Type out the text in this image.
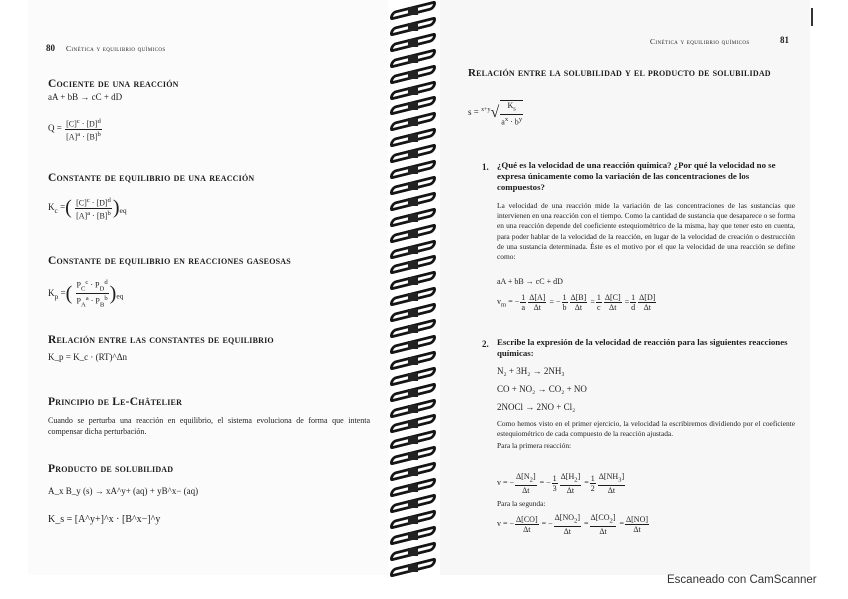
80 Cinética y equilibrio químicos
Cociente de una reacción
aA + bB → cC + dD
$Q = \frac{[C]^c \cdot [D]^d}{[A]^a \cdot [B]^b}$
Constante de equilibrio de una reacción
$K_c$ =( $\frac{[C]^c \cdot [D]^d}{[A]^a \cdot [B]^b} )_{eq}$
Constante de equilibrio en reacciones gaseosas
$K_p$ =( $\frac{P_C^c \cdot P_D^d}{P_A^a \cdot P_B^b} )_{eq}$
Relación entre las constantes de equilibrio
K_p = K_c · (RT)^Δn
Principio de Le-Châtelier
Cuando se perturba una reacción en equilibrio, el sistema evoluciona de forma que intenta compensar dicha perturbación.
Producto de solubilidad
A_x B_y (s) → xA^y+ (aq) + yB^x− (aq)
K_s = [A^y+]^x · [B^x−]^y
Cinética y equilibrio químicos	81
Relación entre la solubilidad y el producto de solubilidad
$s = ^{x+y}√ \frac{K_s}{a^x \cdot b^y}$
1. ¿Qué es la velocidad de una reacción química? ¿Por qué la velocidad no se expresa únicamente como la variación de las concentraciones de los compuestos?
La velocidad de una reacción mide la variación de las concentraciones de las sustancias que intervienen en una reacción con el tiempo. Como la cantidad de sustancia que desaparece o se forma en una reacción depende del coeficiente estequiométrico de la misma, hay que tener esto en cuenta, para poder hablar de la velocidad de la reacción, en lugar de la velocidad de creación o destrucción de una sustancia determinada. Éste es el motivo por el que la velocidad de una reacción se define como:
aA + bB → cC + dD
$v_m$ = − $\frac{1}{a} \frac{\Delta[A]}{\Delta t}$ = − $\frac{1}{b} \frac{\Delta[B]}{\Delta t} = \frac{1}{c} \frac{\Delta[C]}{\Delta t} = \frac{1}{d} \frac{\Delta[D]}{\Delta t}$
2. Escribe la expresión de la velocidad de reacción para las siguientes reacciones químicas:
N₂ + 3H₂ → 2NH₃
CO + NO₂ → CO₂ + NO
2NOCl → 2NO + Cl₂
Como hemos visto en el primer ejercicio, la velocidad la escribiremos dividiendo por el coeficiente estequiométrico de cada compuesto de la reacción ajustada.
Para la primera reacción:
v = − $\frac{\Delta[N_2]}{\Delta t}$ = − $\frac{1}{3} \frac{\Delta[H_2]}{\Delta t} = \frac{1}{2} \frac{\Delta[NH_3]}{\Delta t}$
Para la segunda:
v = − $\frac{\Delta[CO]}{\Delta t}$ = − $\frac{\Delta[NO_2]}{\Delta t} = \frac{\Delta[CO_2]}{\Delta t} = \frac{\Delta[NO]}{\Delta t}$
Escaneado con CamScanner
